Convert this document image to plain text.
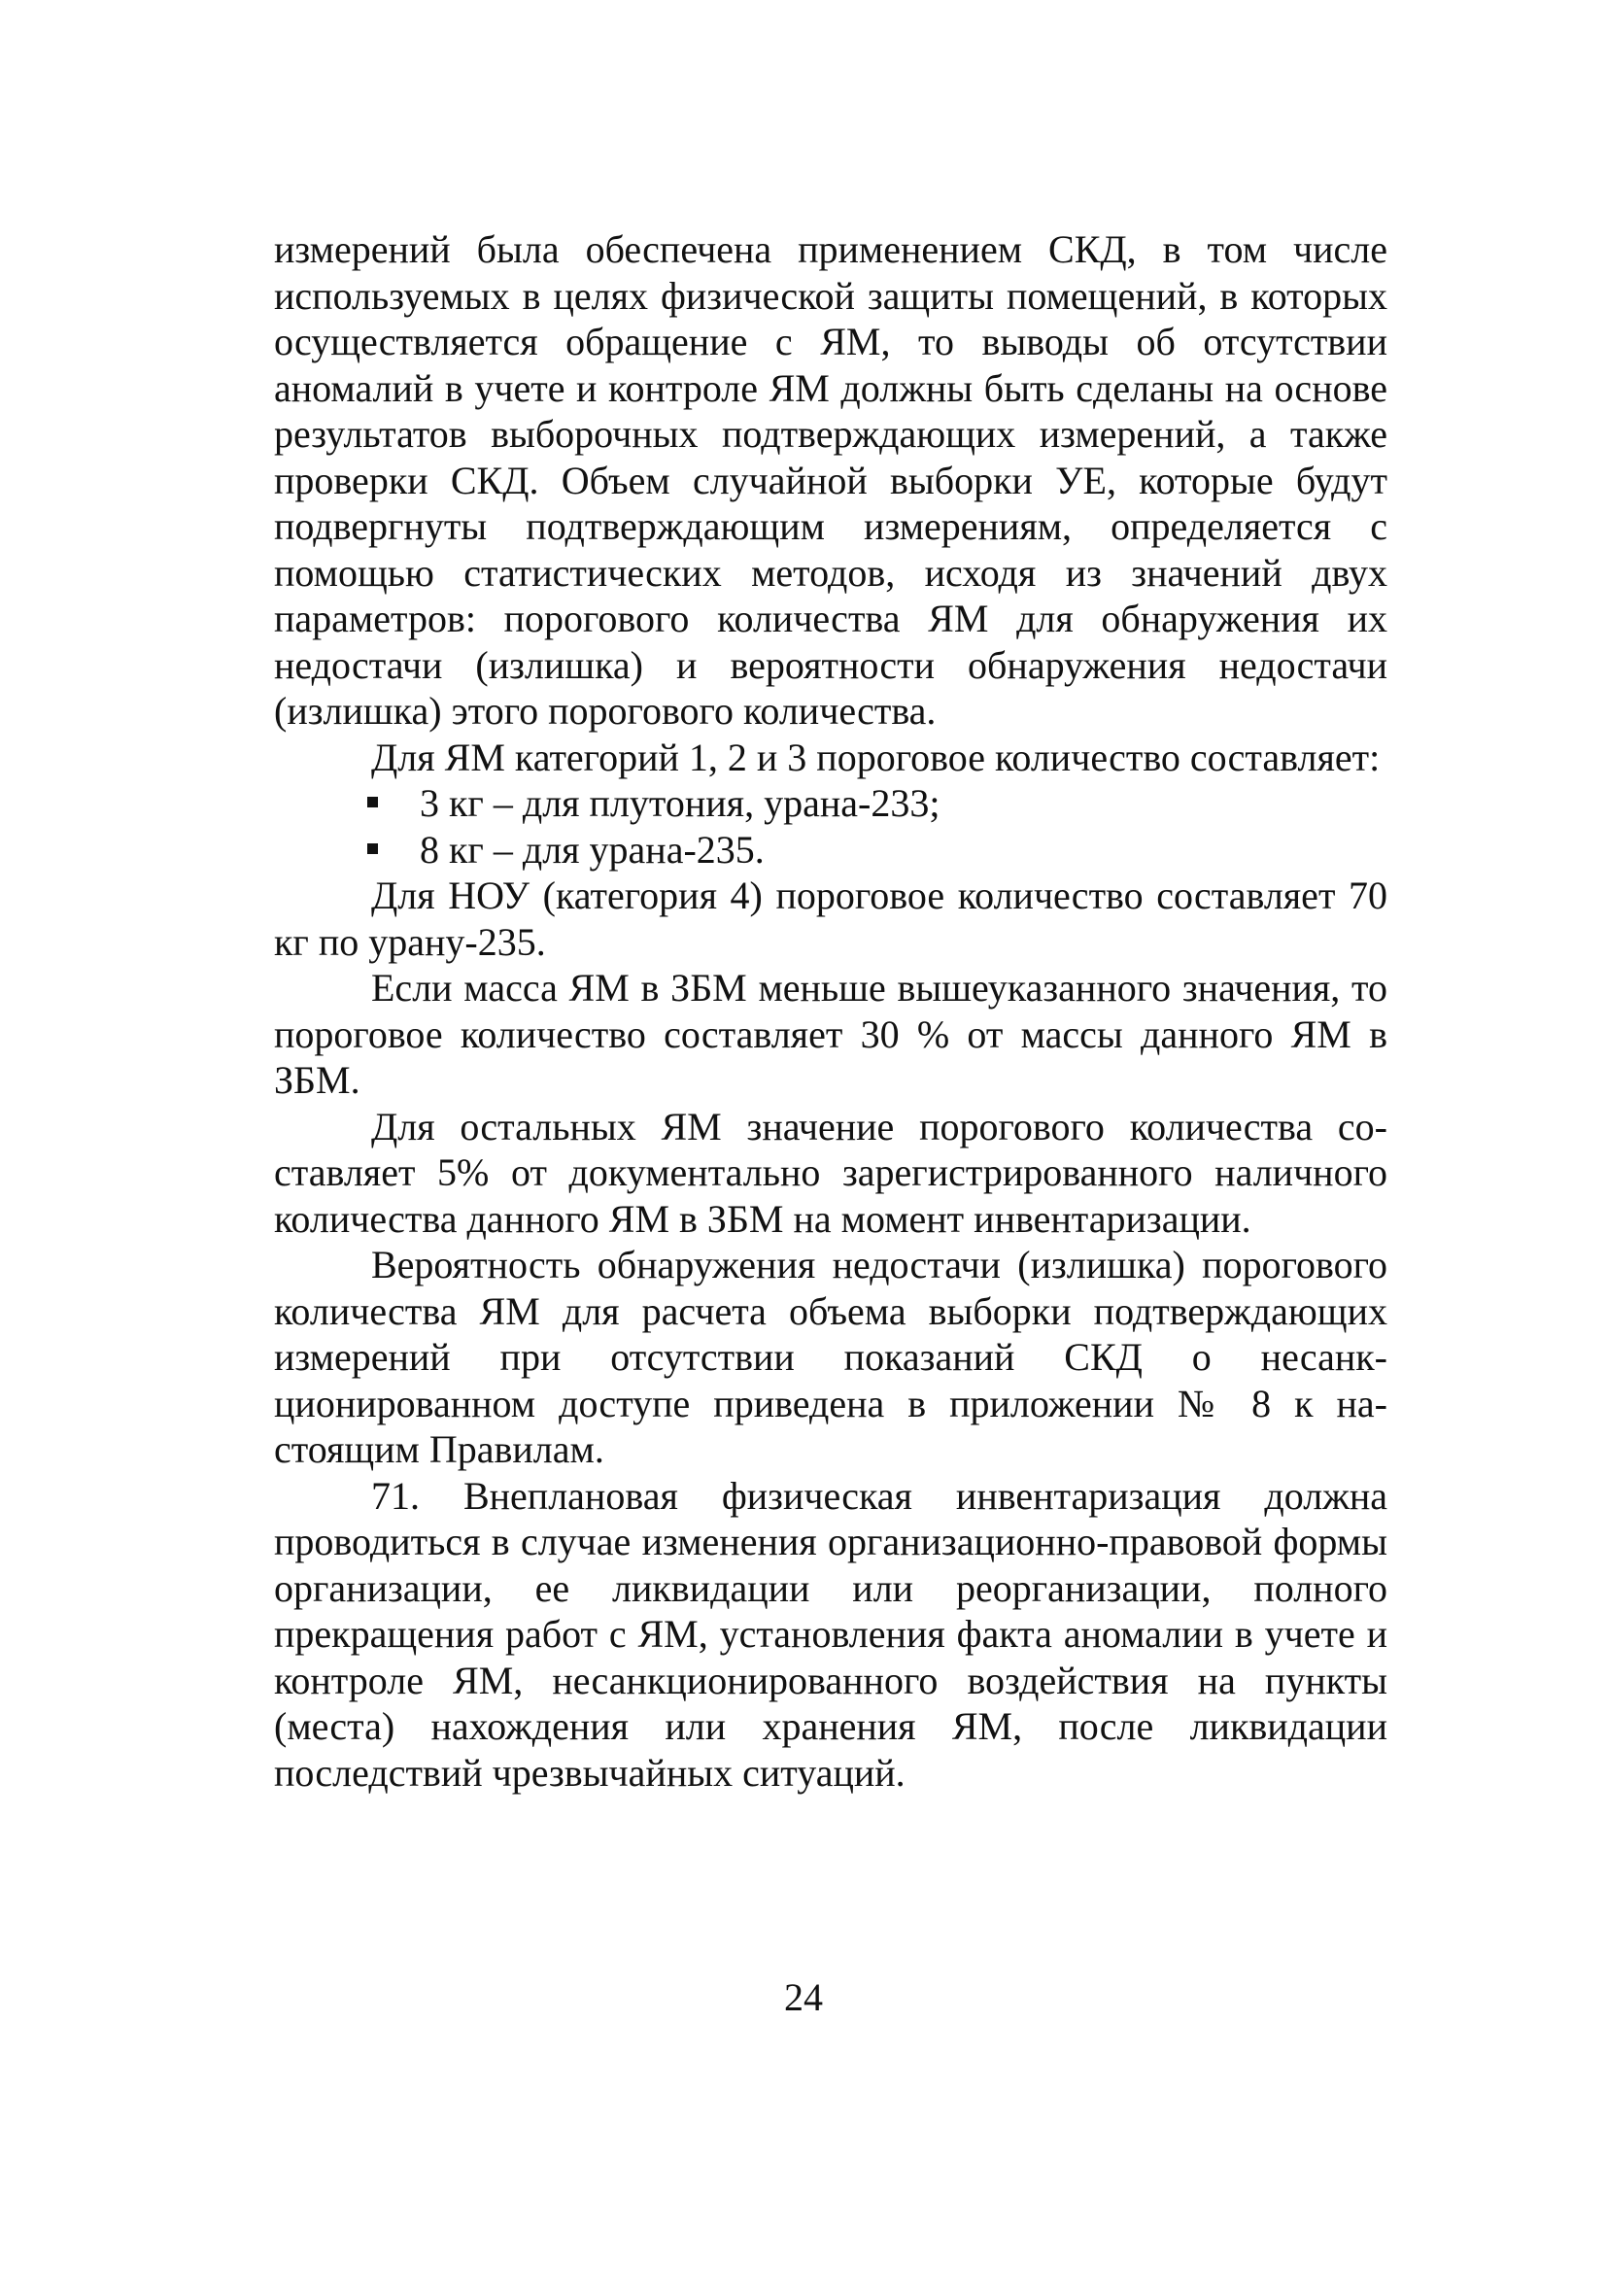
измерений была обеспечена применением СКД, в том числе используемых в целях физической защиты помещений, в которых осуществляется обращение с ЯМ, то выводы об отсутствии аномалий в учете и контроле ЯМ должны быть сделаны на основе результатов выборочных подтверждающих измерений, а также проверки СКД. Объем случайной выборки УЕ, которые будут подвергнуты подтверждающим измерениям, определяется с помощью статистических методов, исходя из значений двух параметров: порогового количества ЯМ для обнаружения их недостачи (излишка) и вероятности обнаружения недостачи (излишка) этого порогового количества.

Для ЯМ категорий 1, 2 и 3 пороговое количество составляет:

3 кг – для плутония, урана-233;
8 кг – для урана-235.

Для НОУ (категория 4) пороговое количество составляет 70 кг по урану-235.

Если масса ЯМ в ЗБМ меньше вышеуказанного значения, то пороговое количество составляет 30 % от массы данного ЯМ в ЗБМ.

Для остальных ЯМ значение порогового количества составляет 5% от документально зарегистрированного наличного количества данного ЯМ в ЗБМ на момент инвентаризации.

Вероятность обнаружения недостачи (излишка) порогового количества ЯМ для расчета объема выборки подтверждающих измерений при отсутствии показаний СКД о несанкционированном доступе приведена в приложении № 8 к настоящим Правилам.

71. Внеплановая физическая инвентаризация должна проводиться в случае изменения организационно-правовой формы организации, ее ликвидации или реорганизации, полного прекращения работ с ЯМ, установления факта аномалии в учете и контроле ЯМ, несанкционированного воздействия на пункты (места) нахождения или хранения ЯМ, после ликвидации последствий чрезвычайных ситуаций.

24
